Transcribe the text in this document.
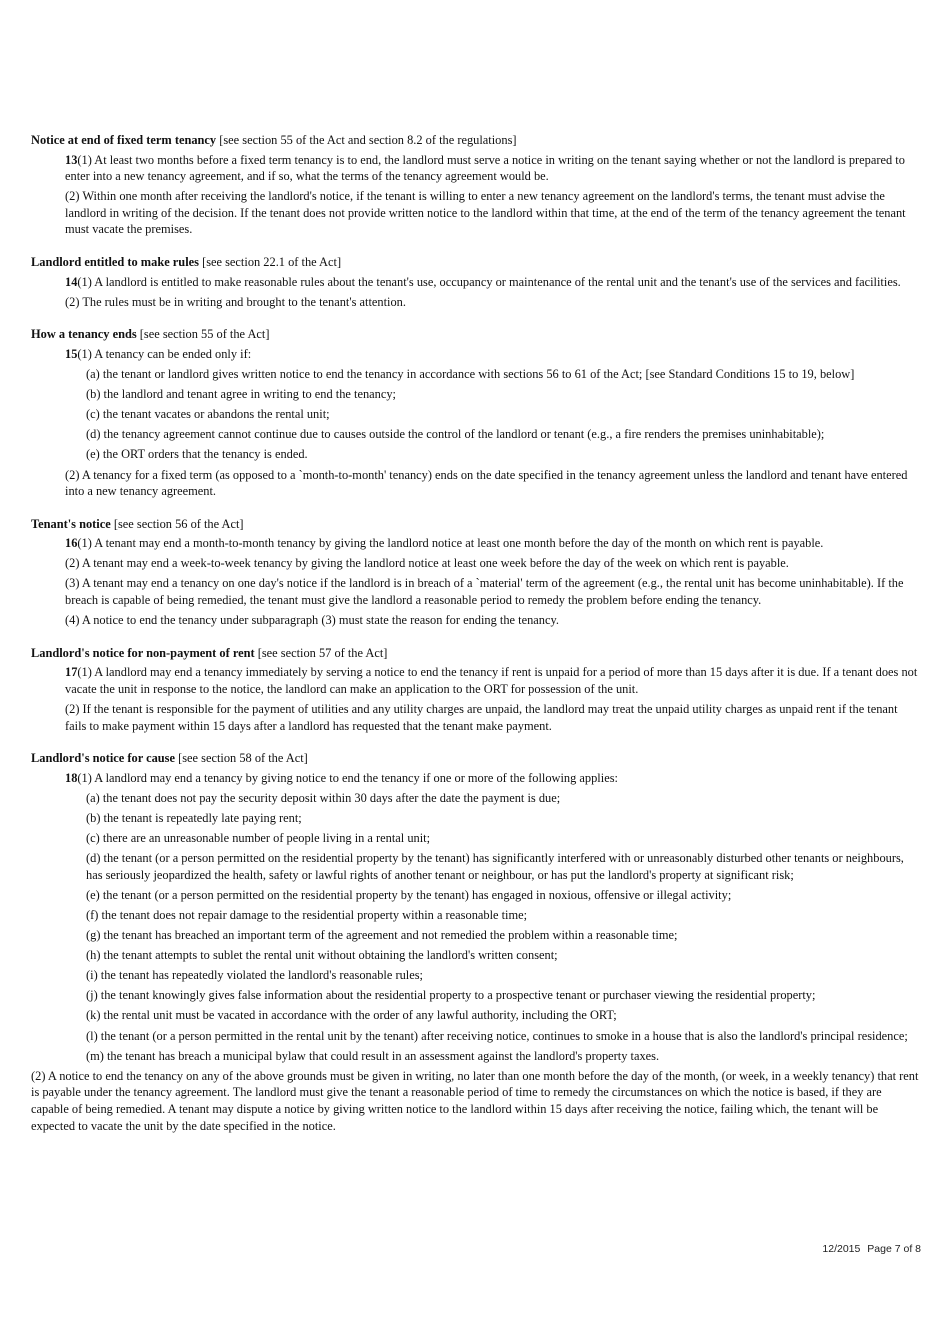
Notice at end of fixed term tenancy [see section 55 of the Act and section 8.2 of the regulations]
13(1) At least two months before a fixed term tenancy is to end, the landlord must serve a notice in writing on the tenant saying whether or not the landlord is prepared to enter into a new tenancy agreement, and if so, what the terms of the tenancy agreement would be.
(2) Within one month after receiving the landlord's notice, if the tenant is willing to enter a new tenancy agreement on the landlord's terms, the tenant must advise the landlord in writing of the decision. If the tenant does not provide written notice to the landlord within that time, at the end of the term of the tenancy agreement the tenant must vacate the premises.
Landlord entitled to make rules [see section 22.1 of the Act]
14(1) A landlord is entitled to make reasonable rules about the tenant's use, occupancy or maintenance of the rental unit and the tenant's use of the services and facilities.
(2) The rules must be in writing and brought to the tenant's attention.
How a tenancy ends [see section 55 of the Act]
15(1) A tenancy can be ended only if:
(a) the tenant or landlord gives written notice to end the tenancy in accordance with sections 56 to 61 of the Act; [see Standard Conditions 15 to 19, below]
(b) the landlord and tenant agree in writing to end the tenancy;
(c) the tenant vacates or abandons the rental unit;
(d) the tenancy agreement cannot continue due to causes outside the control of the landlord or tenant (e.g., a fire renders the premises uninhabitable);
(e) the ORT orders that the tenancy is ended.
(2) A tenancy for a fixed term (as opposed to a `month-to-month' tenancy) ends on the date specified in the tenancy agreement unless the landlord and tenant have entered into a new tenancy agreement.
Tenant's notice [see section 56 of the Act]
16(1) A tenant may end a month-to-month tenancy by giving the landlord notice at least one month before the day of the month on which rent is payable.
(2) A tenant may end a week-to-week tenancy by giving the landlord notice at least one week before the day of the week on which rent is payable.
(3) A tenant may end a tenancy on one day's notice if the landlord is in breach of a `material' term of the agreement (e.g., the rental unit has become uninhabitable). If the breach is capable of being remedied, the tenant must give the landlord a reasonable period to remedy the problem before ending the tenancy.
(4) A notice to end the tenancy under subparagraph (3) must state the reason for ending the tenancy.
Landlord's notice for non-payment of rent [see section 57 of the Act]
17(1) A landlord may end a tenancy immediately by serving a notice to end the tenancy if rent is unpaid for a period of more than 15 days after it is due. If a tenant does not vacate the unit in response to the notice, the landlord can make an application to the ORT for possession of the unit.
(2) If the tenant is responsible for the payment of utilities and any utility charges are unpaid, the landlord may treat the unpaid utility charges as unpaid rent if the tenant fails to make payment within 15 days after a landlord has requested that the tenant make payment.
Landlord's notice for cause [see section 58 of the Act]
18(1) A landlord may end a tenancy by giving notice to end the tenancy if one or more of the following applies:
(a) the tenant does not pay the security deposit within 30 days after the date the payment is due;
(b) the tenant is repeatedly late paying rent;
(c) there are an unreasonable number of people living in a rental unit;
(d) the tenant (or a person permitted on the residential property by the tenant) has significantly interfered with or unreasonably disturbed other tenants or neighbours, has seriously jeopardized the health, safety or lawful rights of another tenant or neighbour, or has put the landlord's property at significant risk;
(e) the tenant (or a person permitted on the residential property by the tenant) has engaged in noxious, offensive or illegal activity;
(f) the tenant does not repair damage to the residential property within a reasonable time;
(g) the tenant has breached an important term of the agreement and not remedied the problem within a reasonable time;
(h) the tenant attempts to sublet the rental unit without obtaining the landlord's written consent;
(i) the tenant has repeatedly violated the landlord's reasonable rules;
(j) the tenant knowingly gives false information about the residential property to a prospective tenant or purchaser viewing the residential property;
(k) the rental unit must be vacated in accordance with the order of any lawful authority, including the ORT;
(l) the tenant (or a person permitted in the rental unit by the tenant) after receiving notice, continues to smoke in a house that is also the landlord's principal residence;
(m) the tenant has breach a municipal bylaw that could result in an assessment against the landlord's property taxes.
(2) A notice to end the tenancy on any of the above grounds must be given in writing, no later than one month before the day of the month, (or week, in a weekly tenancy) that rent is payable under the tenancy agreement. The landlord must give the tenant a reasonable period of time to remedy the circumstances on which the notice is based, if they are capable of being remedied. A tenant may dispute a notice by giving written notice to the landlord within 15 days after receiving the notice, failing which, the tenant will be expected to vacate the unit by the date specified in the notice.
12/2015 Page 7 of 8
